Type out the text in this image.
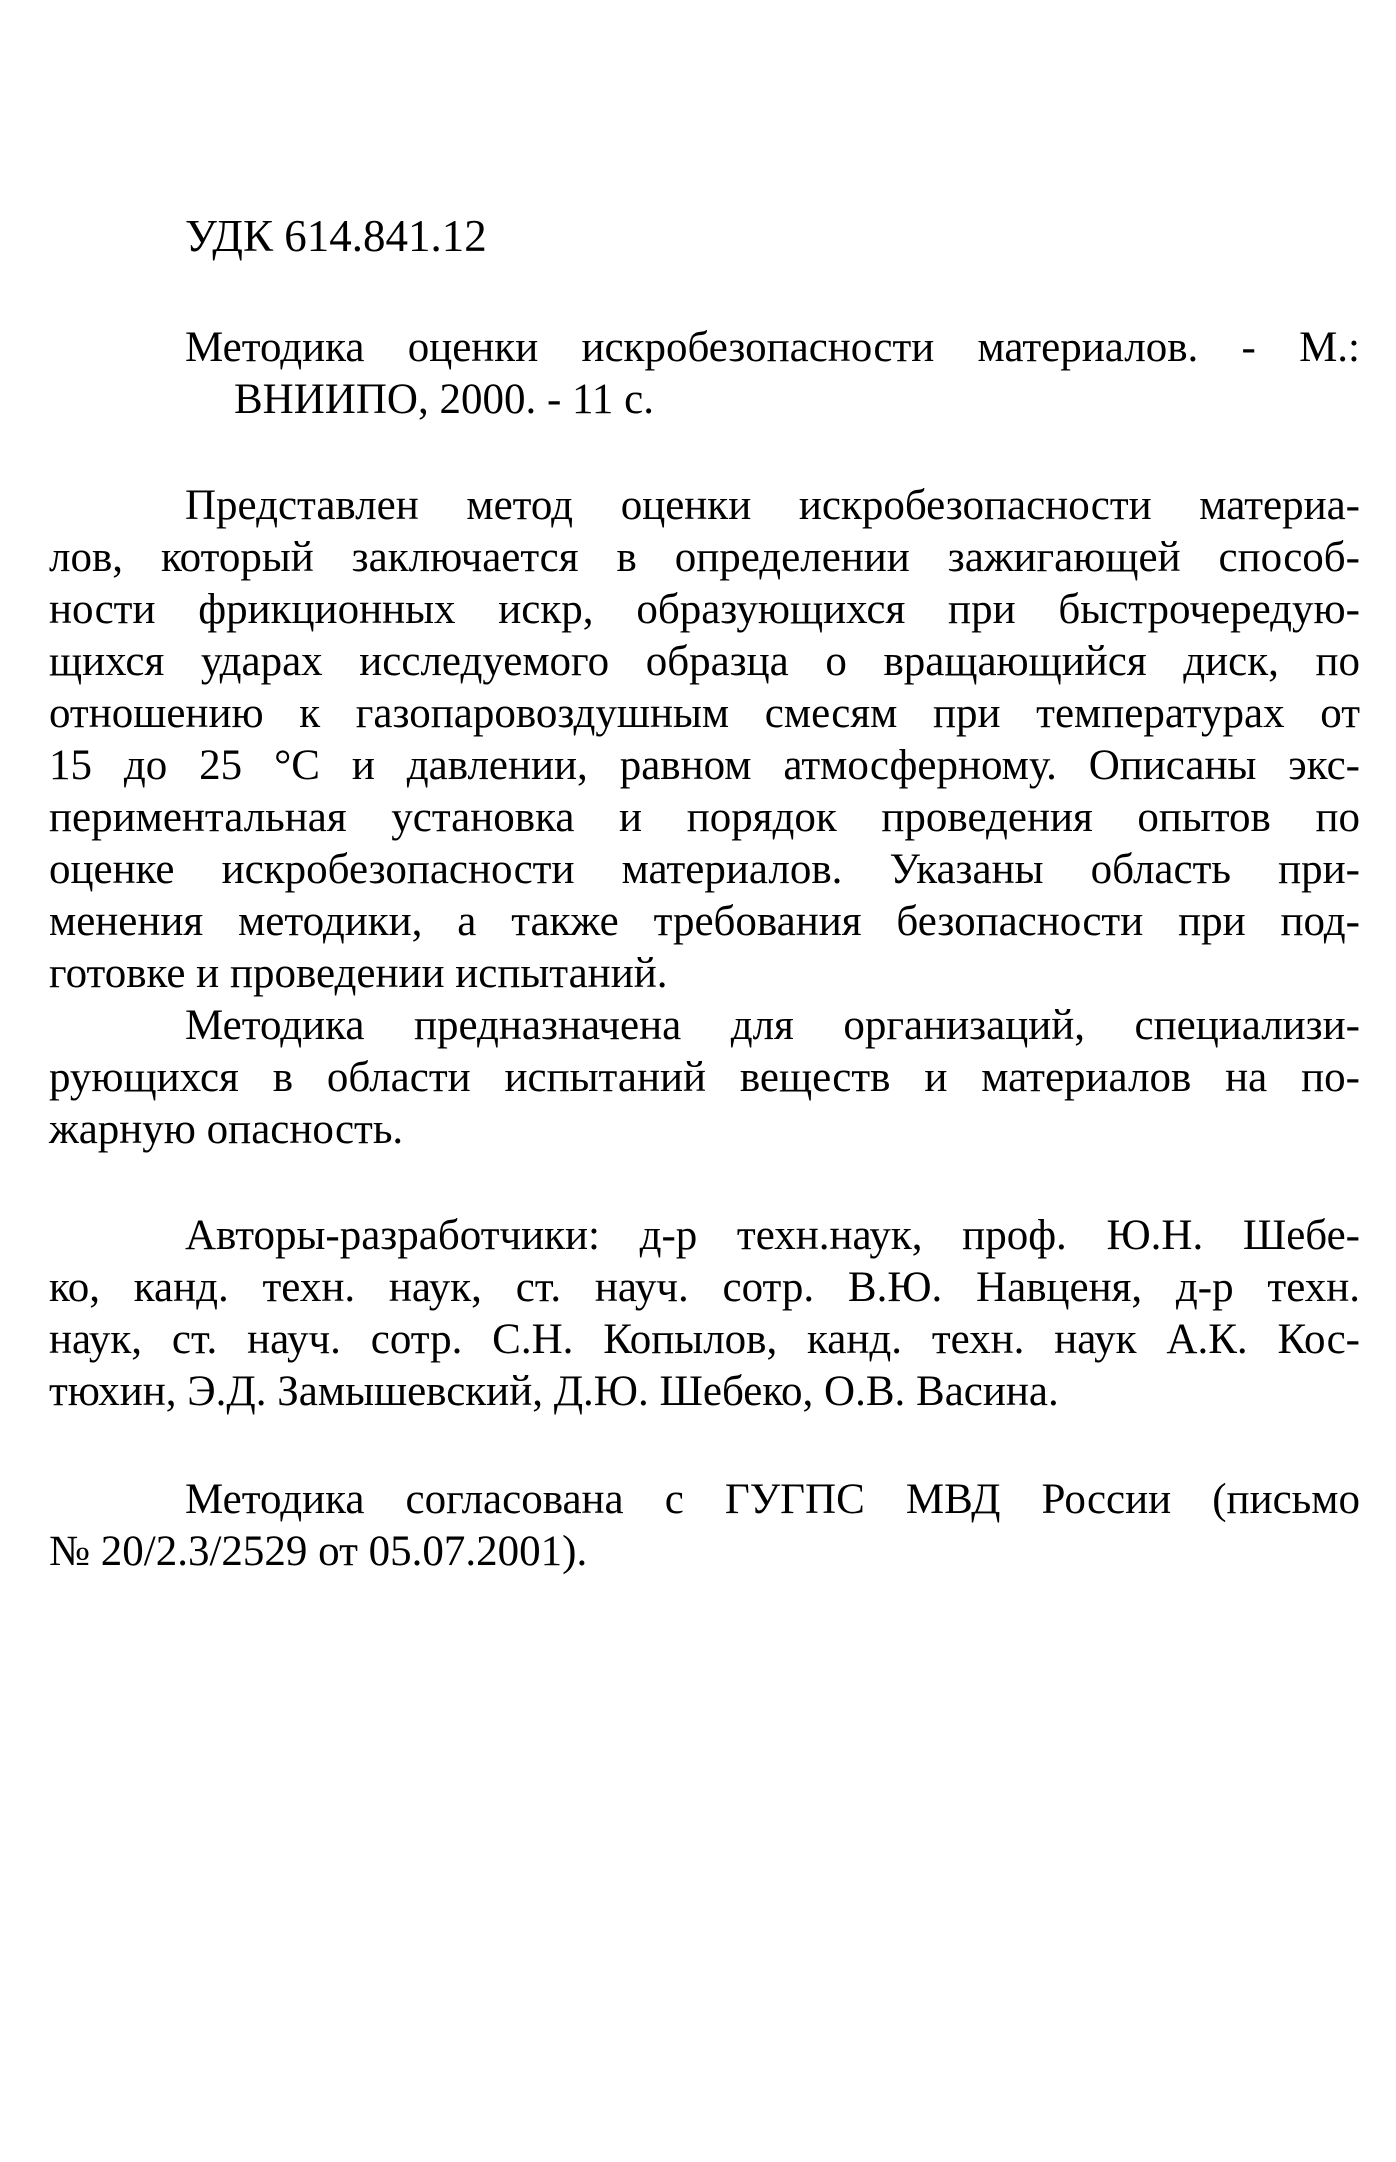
УДК 614.841.12

Методика оценки искробезопасности материалов. - М.:

ВНИИПО, 2000. - 11 с.

Представлен метод оценки искробезопасности материа-

лов, который заключается в определении зажигающей способ-

ности фрикционных искр, образующихся при быстрочередую-

щихся ударах исследуемого образца о вращающийся диск, по

отношению к газопаровоздушным смесям при температурах от

15 до 25 °С и давлении, равном атмосферному. Описаны экс-

периментальная установка и порядок проведения опытов по

оценке искробезопасности материалов. Указаны область при-

менения методики, а также требования безопасности при под-

готовке и проведении испытаний.

Методика предназначена для организаций, специализи-

рующихся в области испытаний веществ и материалов на по-

жарную опасность.

Авторы-разработчики: д-р техн.наук, проф. Ю.Н. Шебе-

ко, канд. техн. наук, ст. науч. сотр. В.Ю. Навценя, д-р техн.

наук, ст. науч. сотр. С.Н. Копылов, канд. техн. наук А.К. Кос-

тюхин, Э.Д. Замышевский, Д.Ю. Шебеко, О.В. Васина.

Методика согласована с ГУГПС МВД России (письмо

№ 20/2.3/2529 от 05.07.2001).
